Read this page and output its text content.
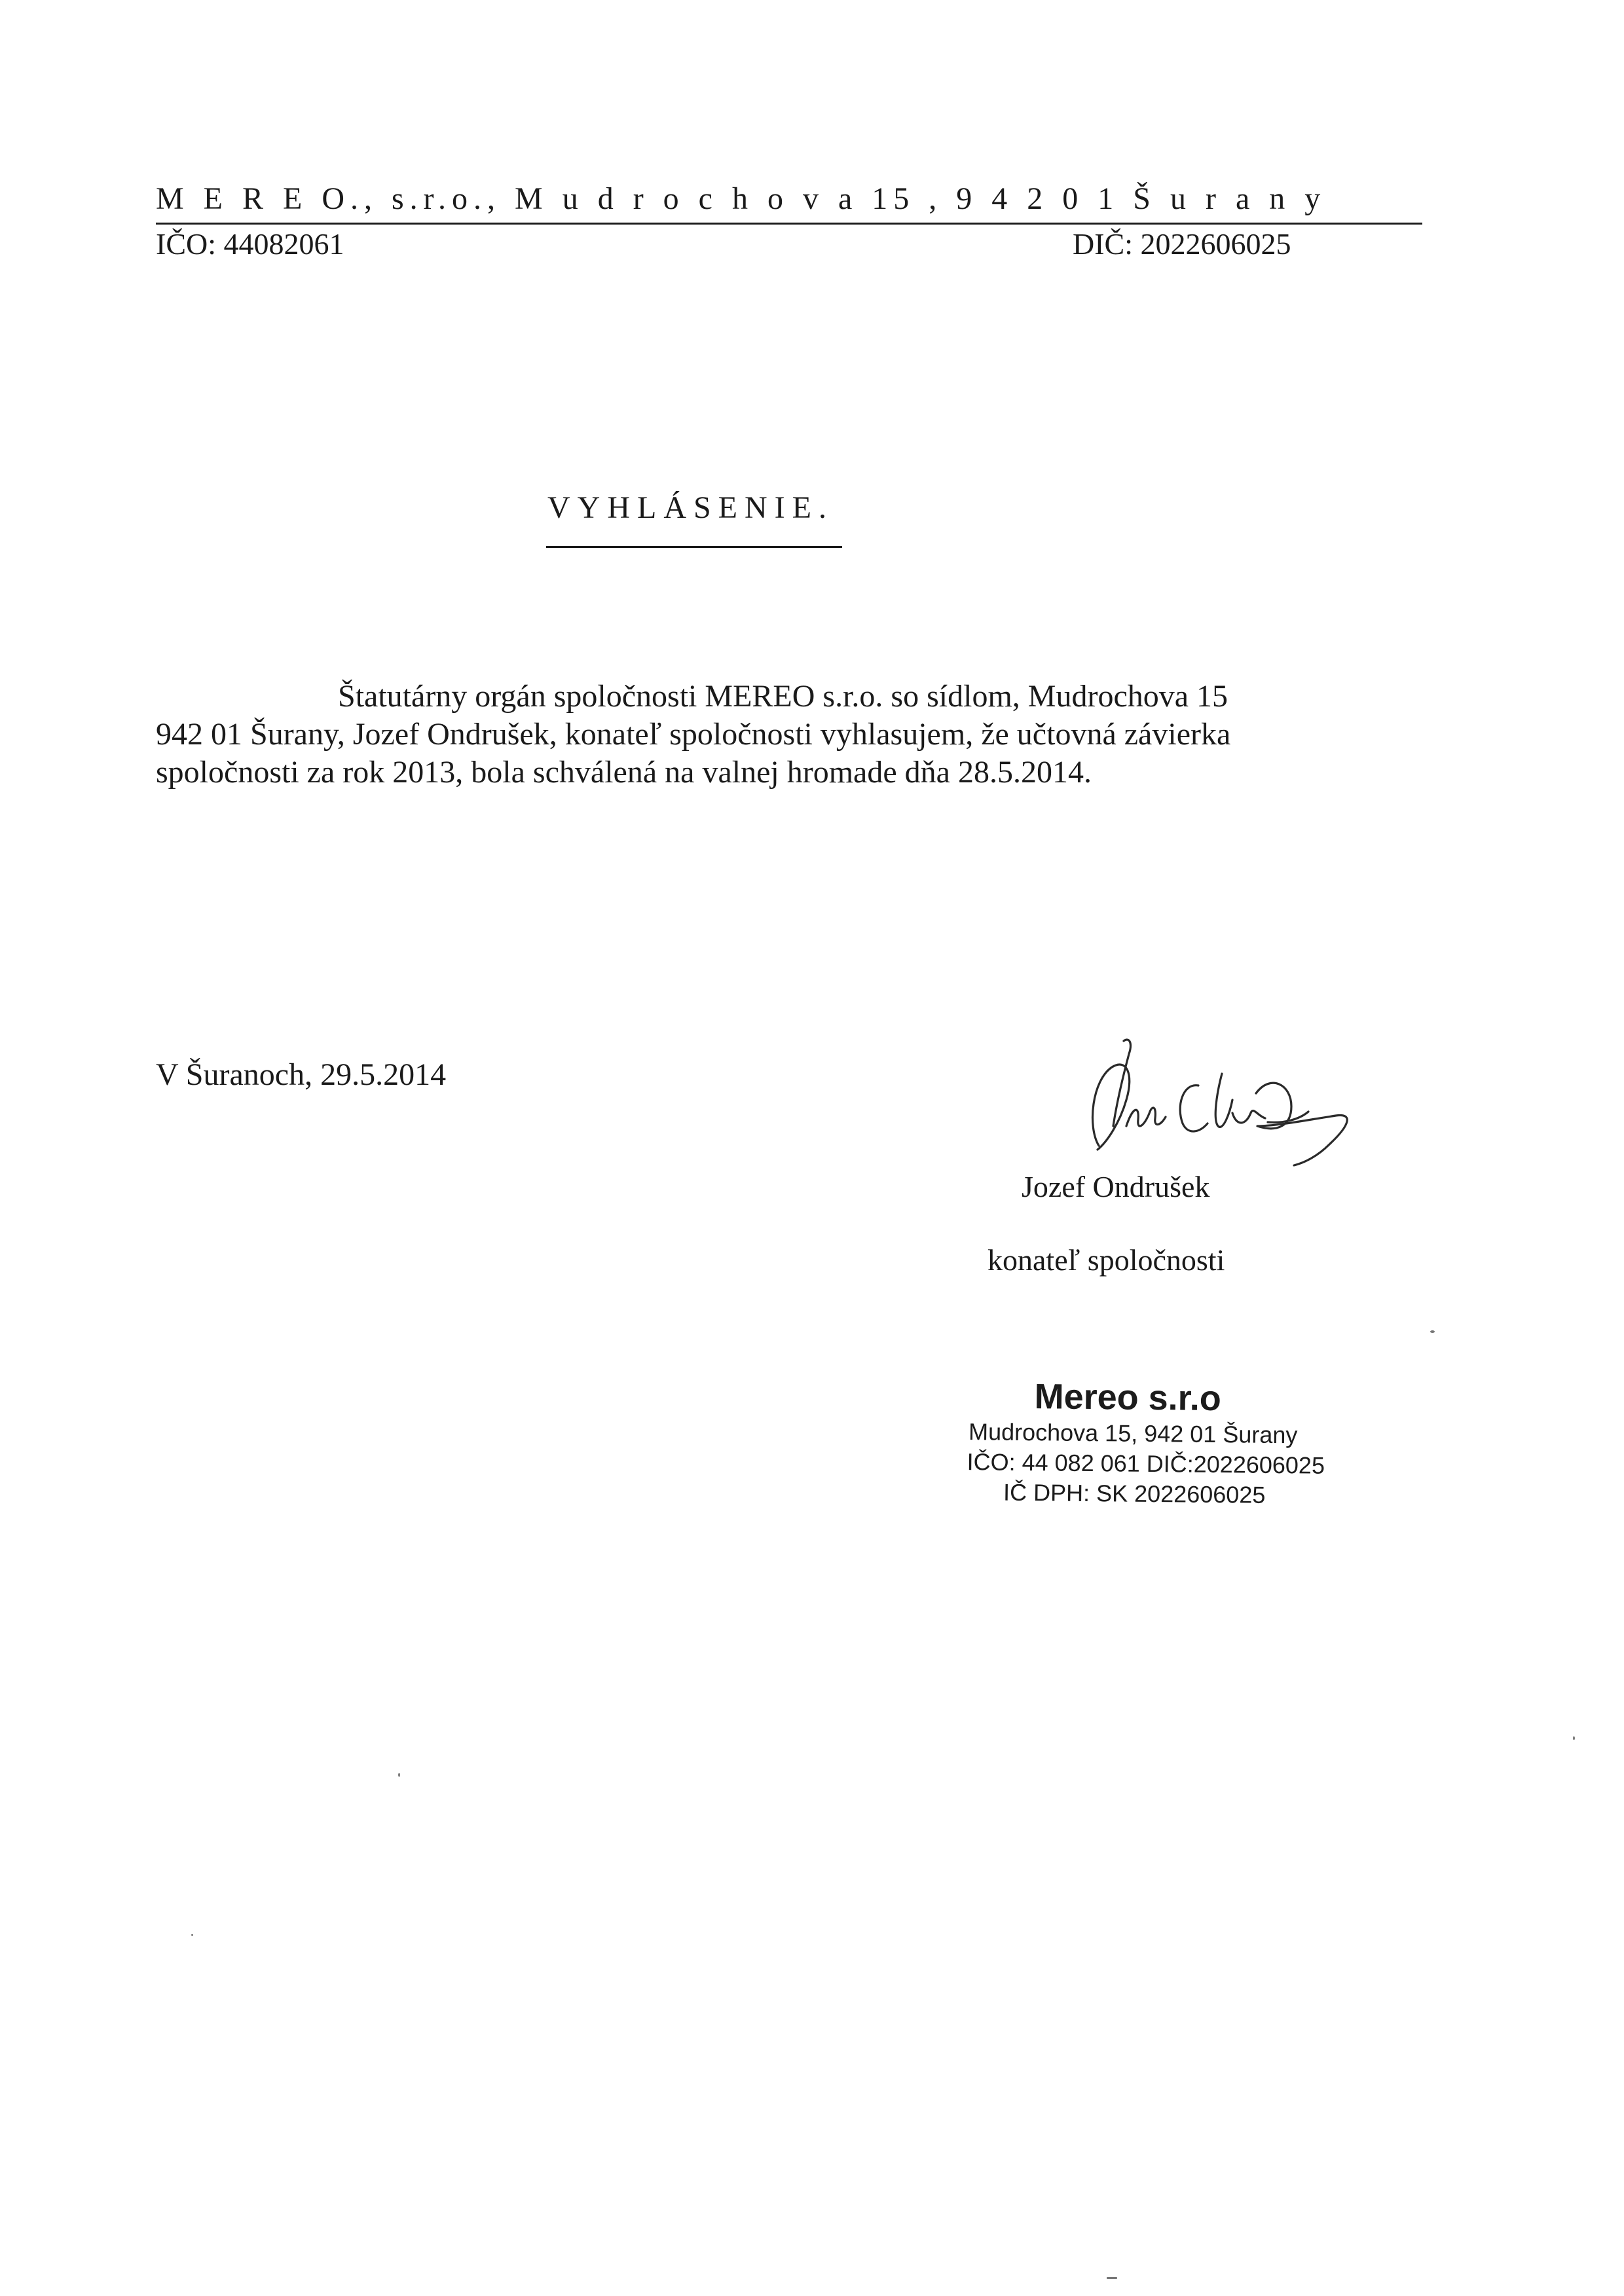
M E R E O., s.r.o., M u d r o c h o v a 15 , 9 4 2 0 1 Š u r a n y
IČO: 44082061	DIČ: 2022606025
VYHLÁSENIE.
Štatutárny orgán spoločnosti MEREO s.r.o. so sídlom, Mudrochova 15
942 01 Šurany, Jozef Ondrušek, konateľ spoločnosti vyhlasujem, že učtovná závierka
spoločnosti za rok 2013, bola schválená na valnej hromade dňa 28.5.2014.
V Šuranoch, 29.5.2014
Jozef Ondrušek
konateľ spoločnosti
Mereo s.r.o
Mudrochova 15, 942 01 Šurany
IČO: 44 082 061 DIČ:2022606025
IČ DPH: SK 2022606025
